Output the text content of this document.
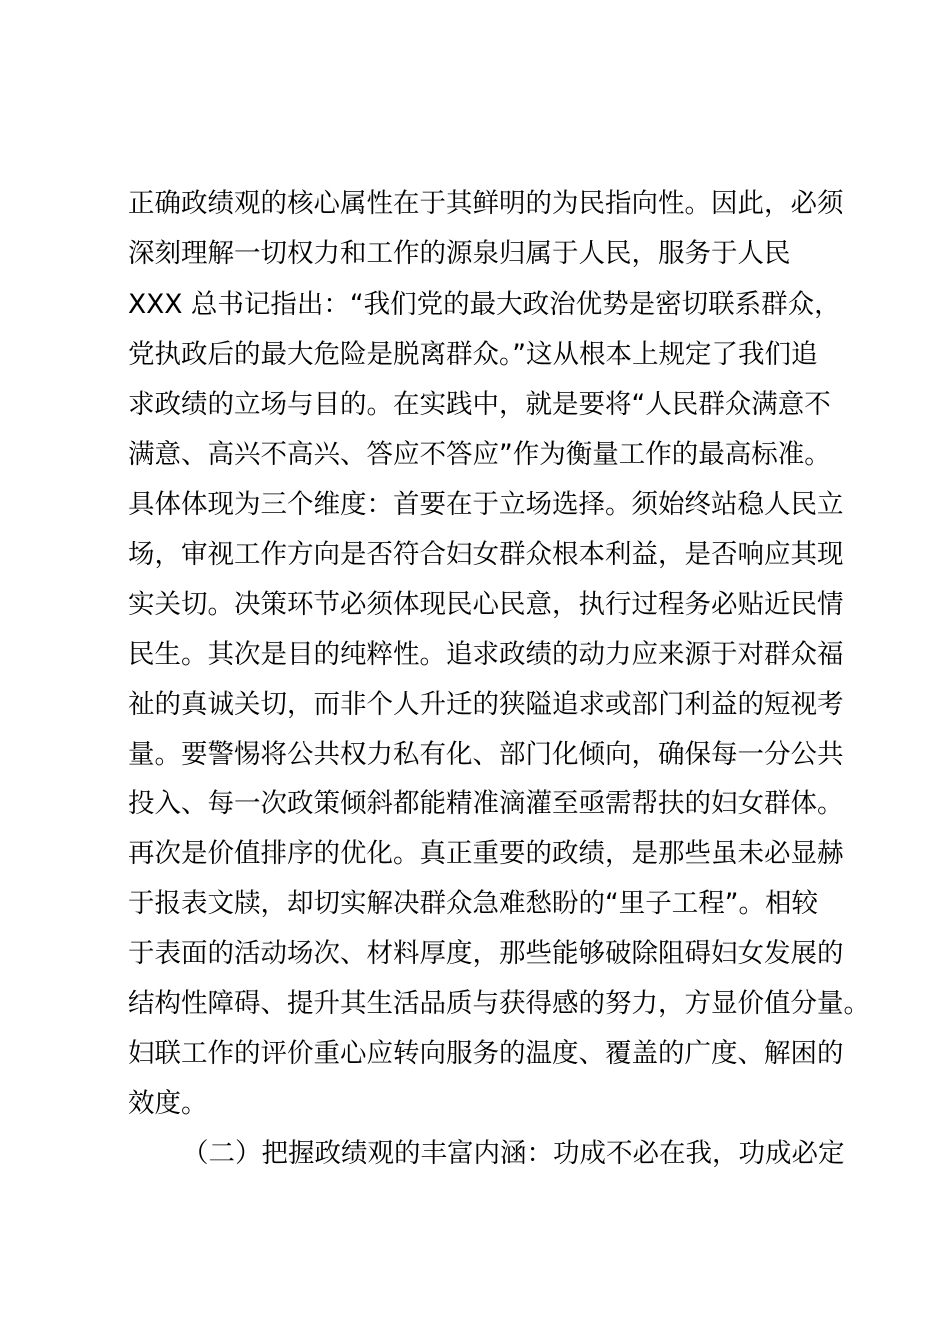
正确政绩观的核心属性在于其鲜明的为民指向性。因此，必须
深刻理解一切权力和工作的源泉归属于人民，服务于人民
XXX 总书记指出：“我们党的最大政治优势是密切联系群众，
党执政后的最大危险是脱离群众。”这从根本上规定了我们追
求政绩的立场与目的。在实践中，就是要将“人民群众满意不
满意、高兴不高兴、答应不答应”作为衡量工作的最高标准。
具体体现为三个维度：首要在于立场选择。须始终站稳人民立
场，审视工作方向是否符合妇女群众根本利益，是否响应其现
实关切。决策环节必须体现民心民意，执行过程务必贴近民情
民生。其次是目的纯粹性。追求政绩的动力应来源于对群众福
祉的真诚关切，而非个人升迁的狭隘追求或部门利益的短视考
量。要警惕将公共权力私有化、部门化倾向，确保每一分公共
投入、每一次政策倾斜都能精准滴灌至亟需帮扶的妇女群体。
再次是价值排序的优化。真正重要的政绩，是那些虽未必显赫
于报表文牍，却切实解决群众急难愁盼的“里子工程”。相较
于表面的活动场次、材料厚度，那些能够破除阻碍妇女发展的
结构性障碍、提升其生活品质与获得感的努力，方显价值分量。
妇联工作的评价重心应转向服务的温度、覆盖的广度、解困的
效度。
（二）把握政绩观的丰富内涵：功成不必在我，功成必定
